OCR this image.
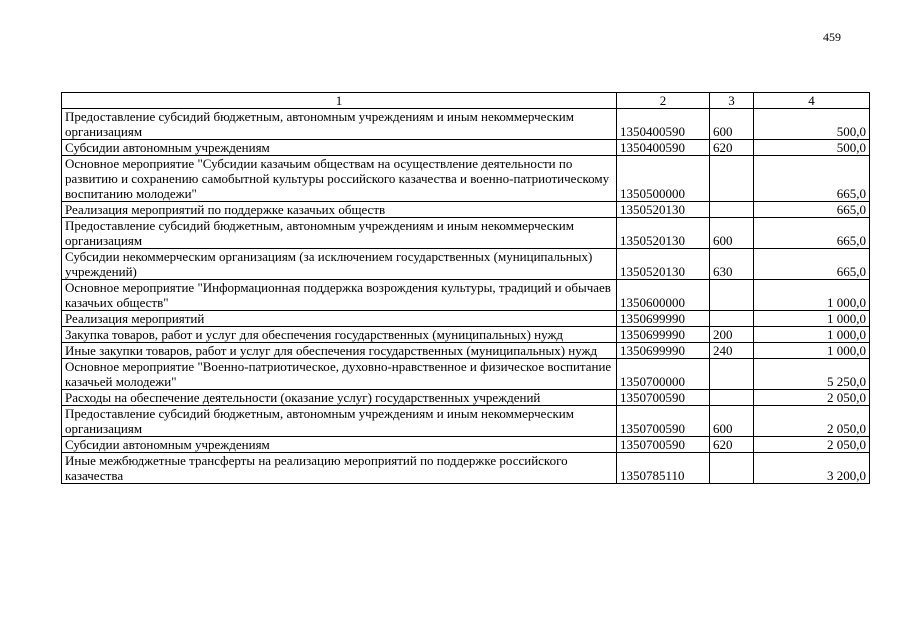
459
1	2	3	4
Предоставление субсидий бюджетным, автономным учреждениям и иным некоммерческим организациям	1350400590	600	500,0
Субсидии автономным учреждениям	1350400590	620	500,0
Основное мероприятие "Субсидии казачьим обществам на осуществление деятельности по развитию и сохранению самобытной культуры российского казачества и военно-патриотическому воспитанию молодежи"	1350500000		665,0
Реализация мероприятий по поддержке казачьих обществ	1350520130		665,0
Предоставление субсидий бюджетным, автономным учреждениям и иным некоммерческим организациям	1350520130	600	665,0
Субсидии некоммерческим организациям (за исключением государственных (муниципальных) учреждений)	1350520130	630	665,0
Основное мероприятие "Информационная поддержка возрождения культуры, традиций и обычаев казачьих обществ"	1350600000		1 000,0
Реализация мероприятий	1350699990		1 000,0
Закупка товаров, работ и услуг для обеспечения государственных (муниципальных) нужд	1350699990	200	1 000,0
Иные закупки товаров, работ и услуг для обеспечения государственных (муниципальных) нужд	1350699990	240	1 000,0
Основное мероприятие "Военно-патриотическое, духовно-нравственное и физическое воспитание казачьей молодежи"	1350700000		5 250,0
Расходы на обеспечение деятельности (оказание услуг) государственных учреждений	1350700590		2 050,0
Предоставление субсидий бюджетным, автономным учреждениям и иным некоммерческим организациям	1350700590	600	2 050,0
Субсидии автономным учреждениям	1350700590	620	2 050,0
Иные межбюджетные трансферты на реализацию мероприятий по поддержке российского казачества	1350785110		3 200,0
